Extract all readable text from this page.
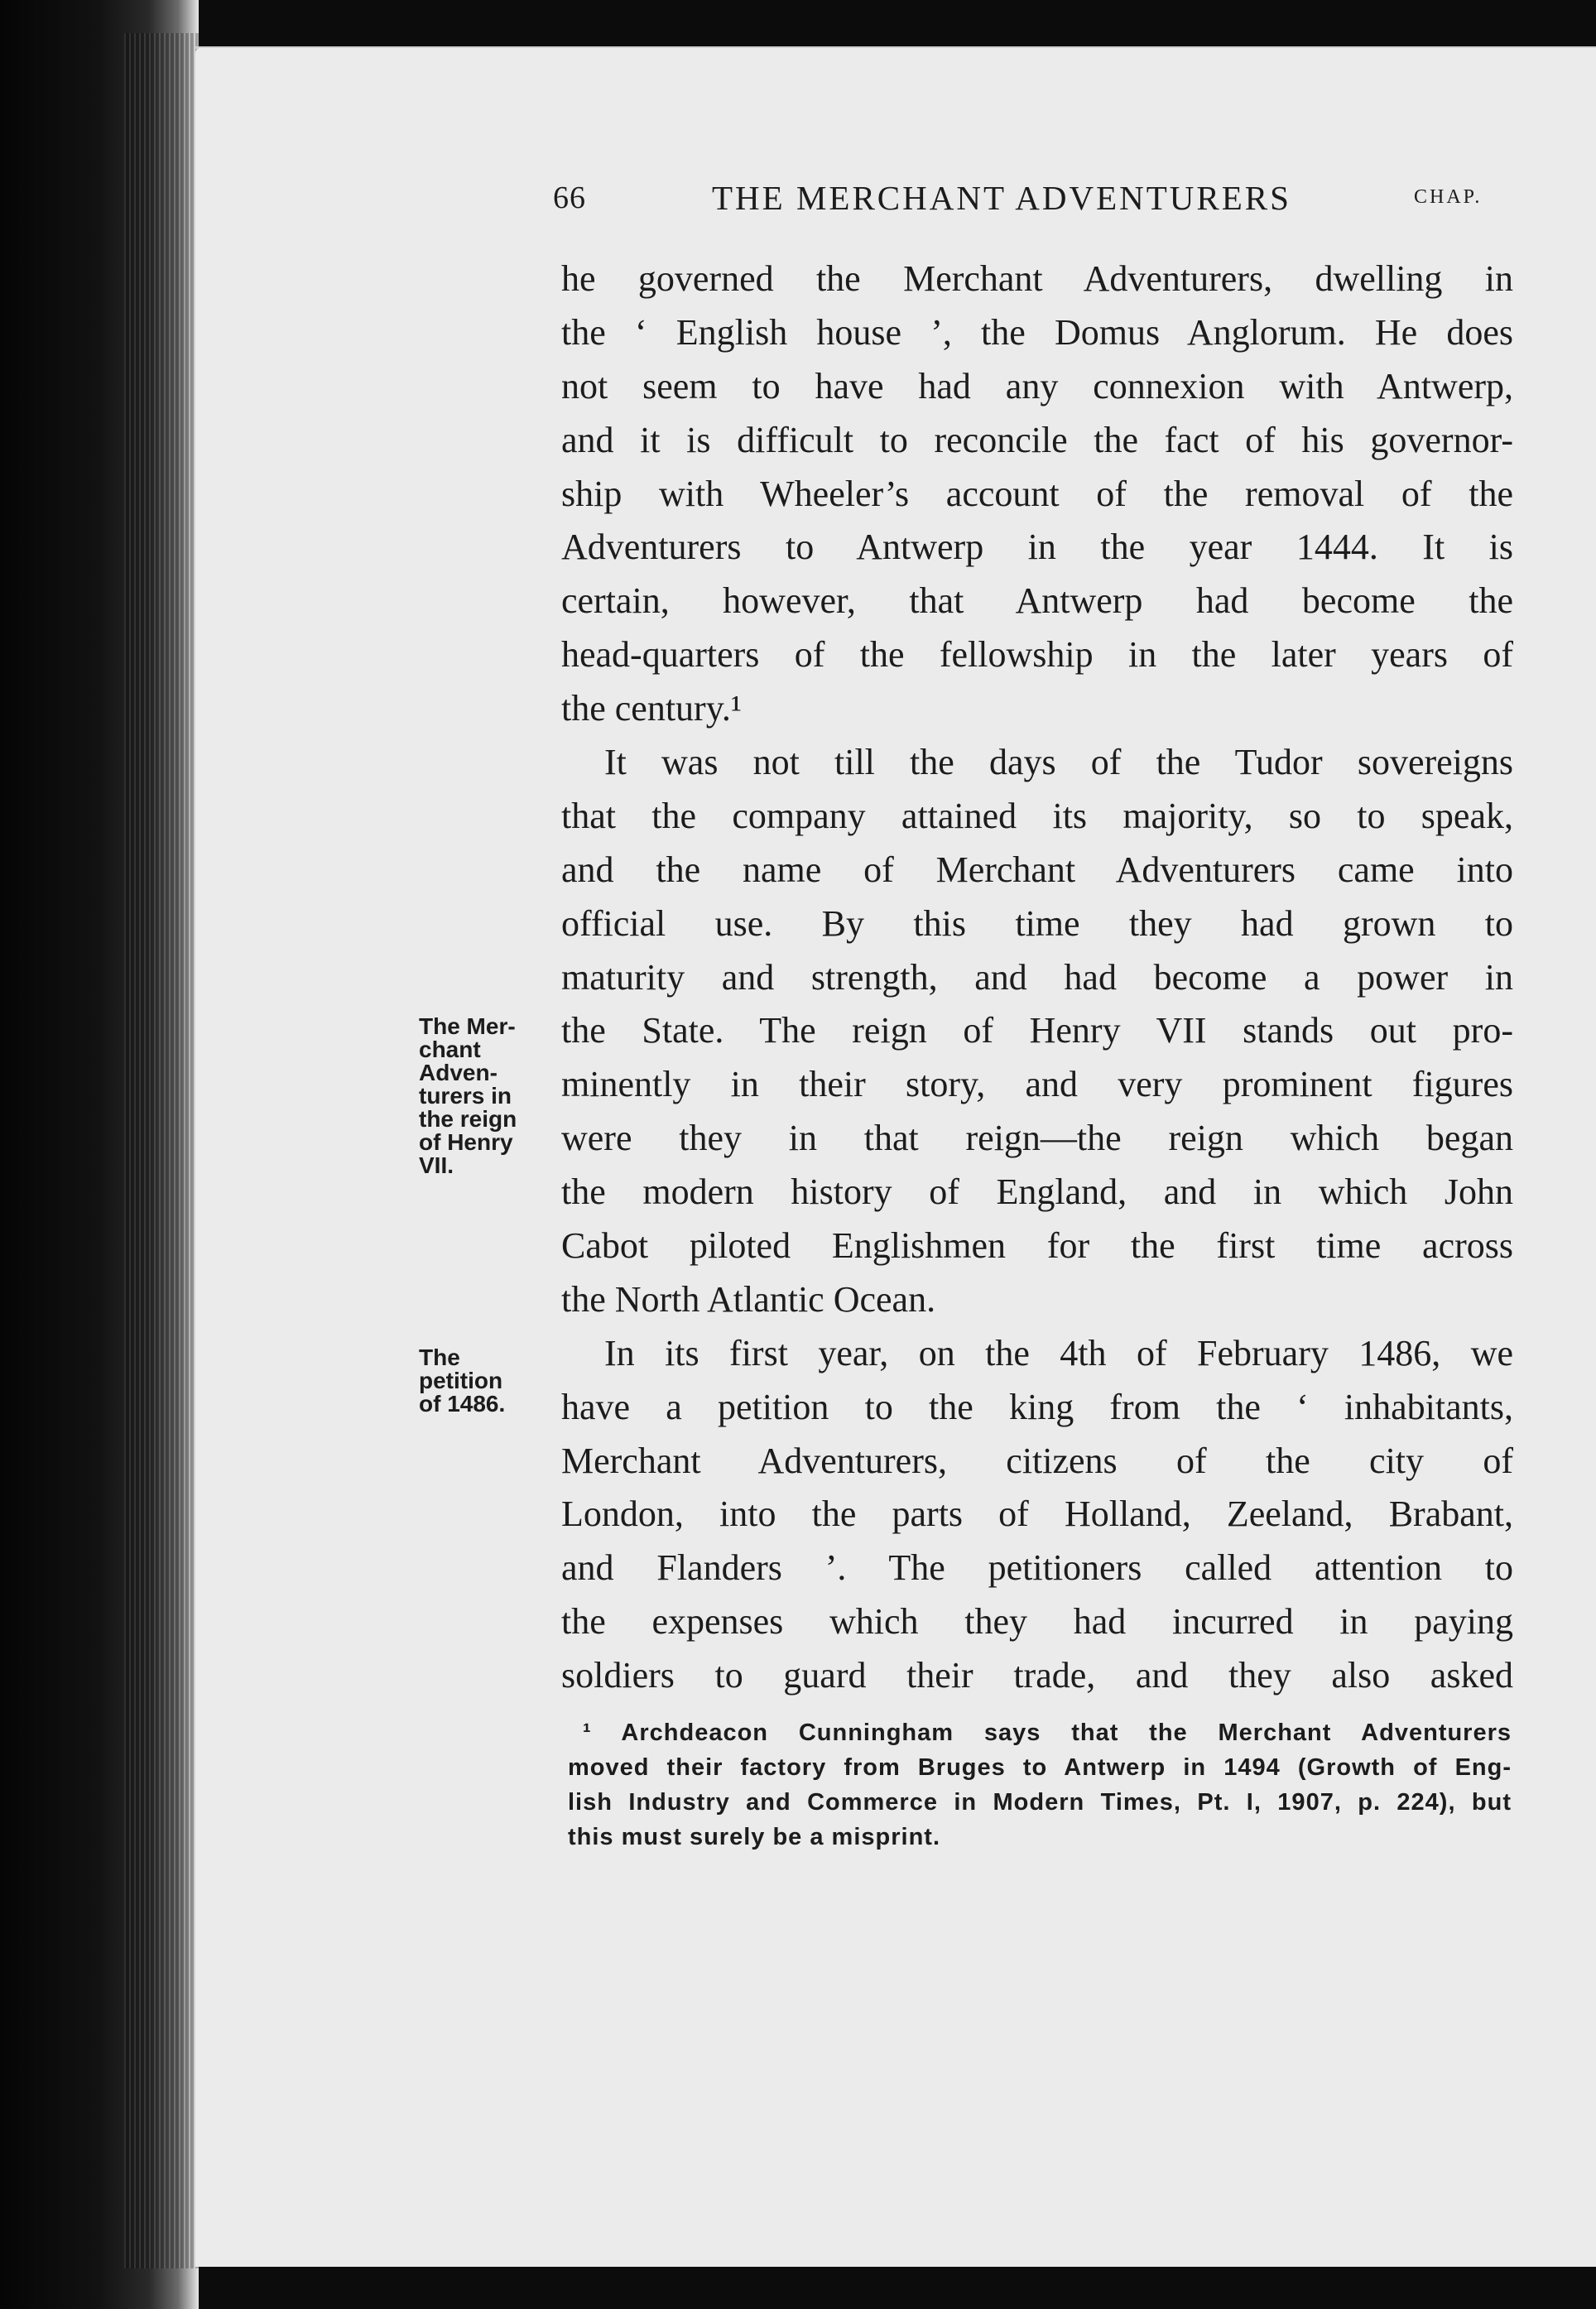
66	THE MERCHANT ADVENTURERS	CHAP.
he governed the Merchant Adventurers, dwelling in
the ‘ English house ’, the Domus Anglorum. He does
not seem to have had any connexion with Antwerp,
and it is difficult to reconcile the fact of his governor-
ship with Wheeler’s account of the removal of the
Adventurers to Antwerp in the year 1444. It is
certain, however, that Antwerp had become the
head-quarters of the fellowship in the later years of
the century.¹
It was not till the days of the Tudor sovereigns
that the company attained its majority, so to speak,
and the name of Merchant Adventurers came into
official use. By this time they had grown to
maturity and strength, and had become a power in
the State. The reign of Henry VII stands out pro-
minently in their story, and very prominent figures
were they in that reign—the reign which began
the modern history of England, and in which John
Cabot piloted Englishmen for the first time across
the North Atlantic Ocean.
In its first year, on the 4th of February 1486, we
have a petition to the king from the ‘ inhabitants,
Merchant Adventurers, citizens of the city of
London, into the parts of Holland, Zeeland, Brabant,
and Flanders ’. The petitioners called attention to
the expenses which they had incurred in paying
soldiers to guard their trade, and they also asked
The Mer-
chant
Adven-
turers in
the reign
of Henry
VII.
The
petition
of 1486.
¹ Archdeacon Cunningham says that the Merchant Adventurers
moved their factory from Bruges to Antwerp in 1494 (Growth of Eng-
lish Industry and Commerce in Modern Times, Pt. I, 1907, p. 224), but
this must surely be a misprint.
